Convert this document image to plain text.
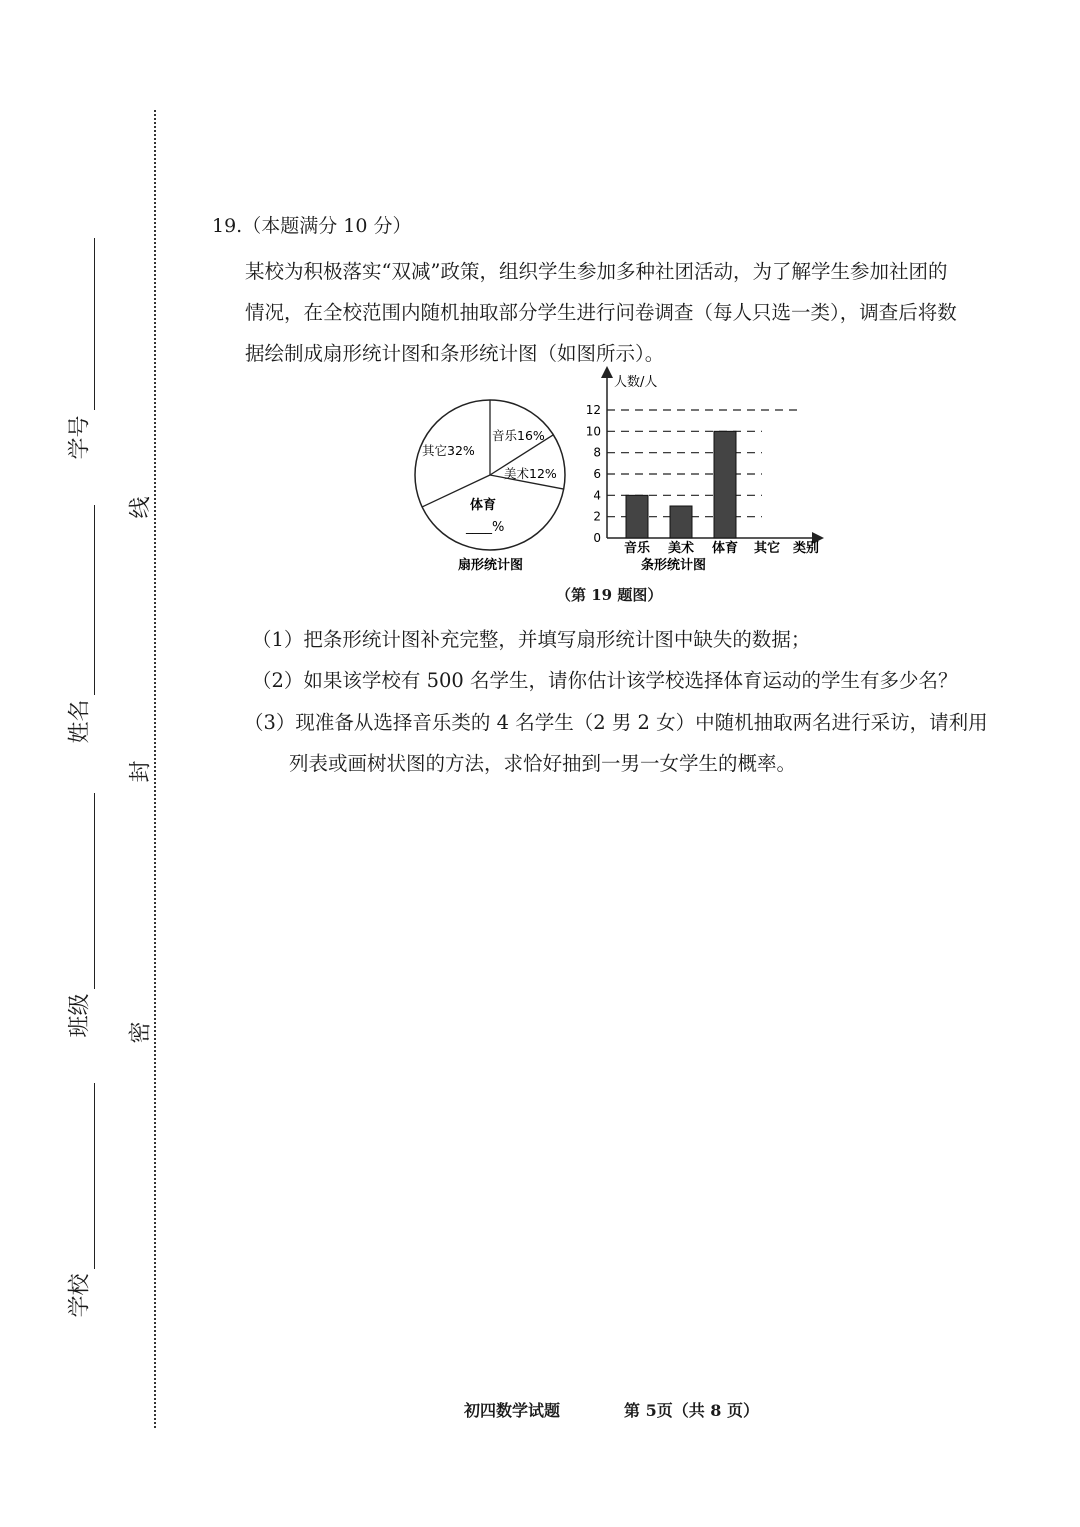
线
封
密
学号
姓名
班级
学校
19.（本题满分 10 分）
某校为积极落实“双减”政策，组织学生参加多种社团活动，为了解学生参加社团的
情况，在全校范围内随机抽取部分学生进行问卷调查（每人只选一类），调查后将数
据绘制成扇形统计图和条形统计图（如图所示）。
音乐16%
美术12%
其它32%
体育
____%
扇形统计图
人数/人
类别
0
2
4
6
8
10
12
音乐 美术 体育 其它
条形统计图
（第 19 题图）
（1）把条形统计图补充完整，并填写扇形统计图中缺失的数据；
（2）如果该学校有 500 名学生，请你估计该学校选择体育运动的学生有多少名？
（3）现准备从选择音乐类的 4 名学生（2 男 2 女）中随机抽取两名进行采访，请利用
列表或画树状图的方法，求恰好抽到一男一女学生的概率。
初四数学试题	第 5页（共 8 页）
